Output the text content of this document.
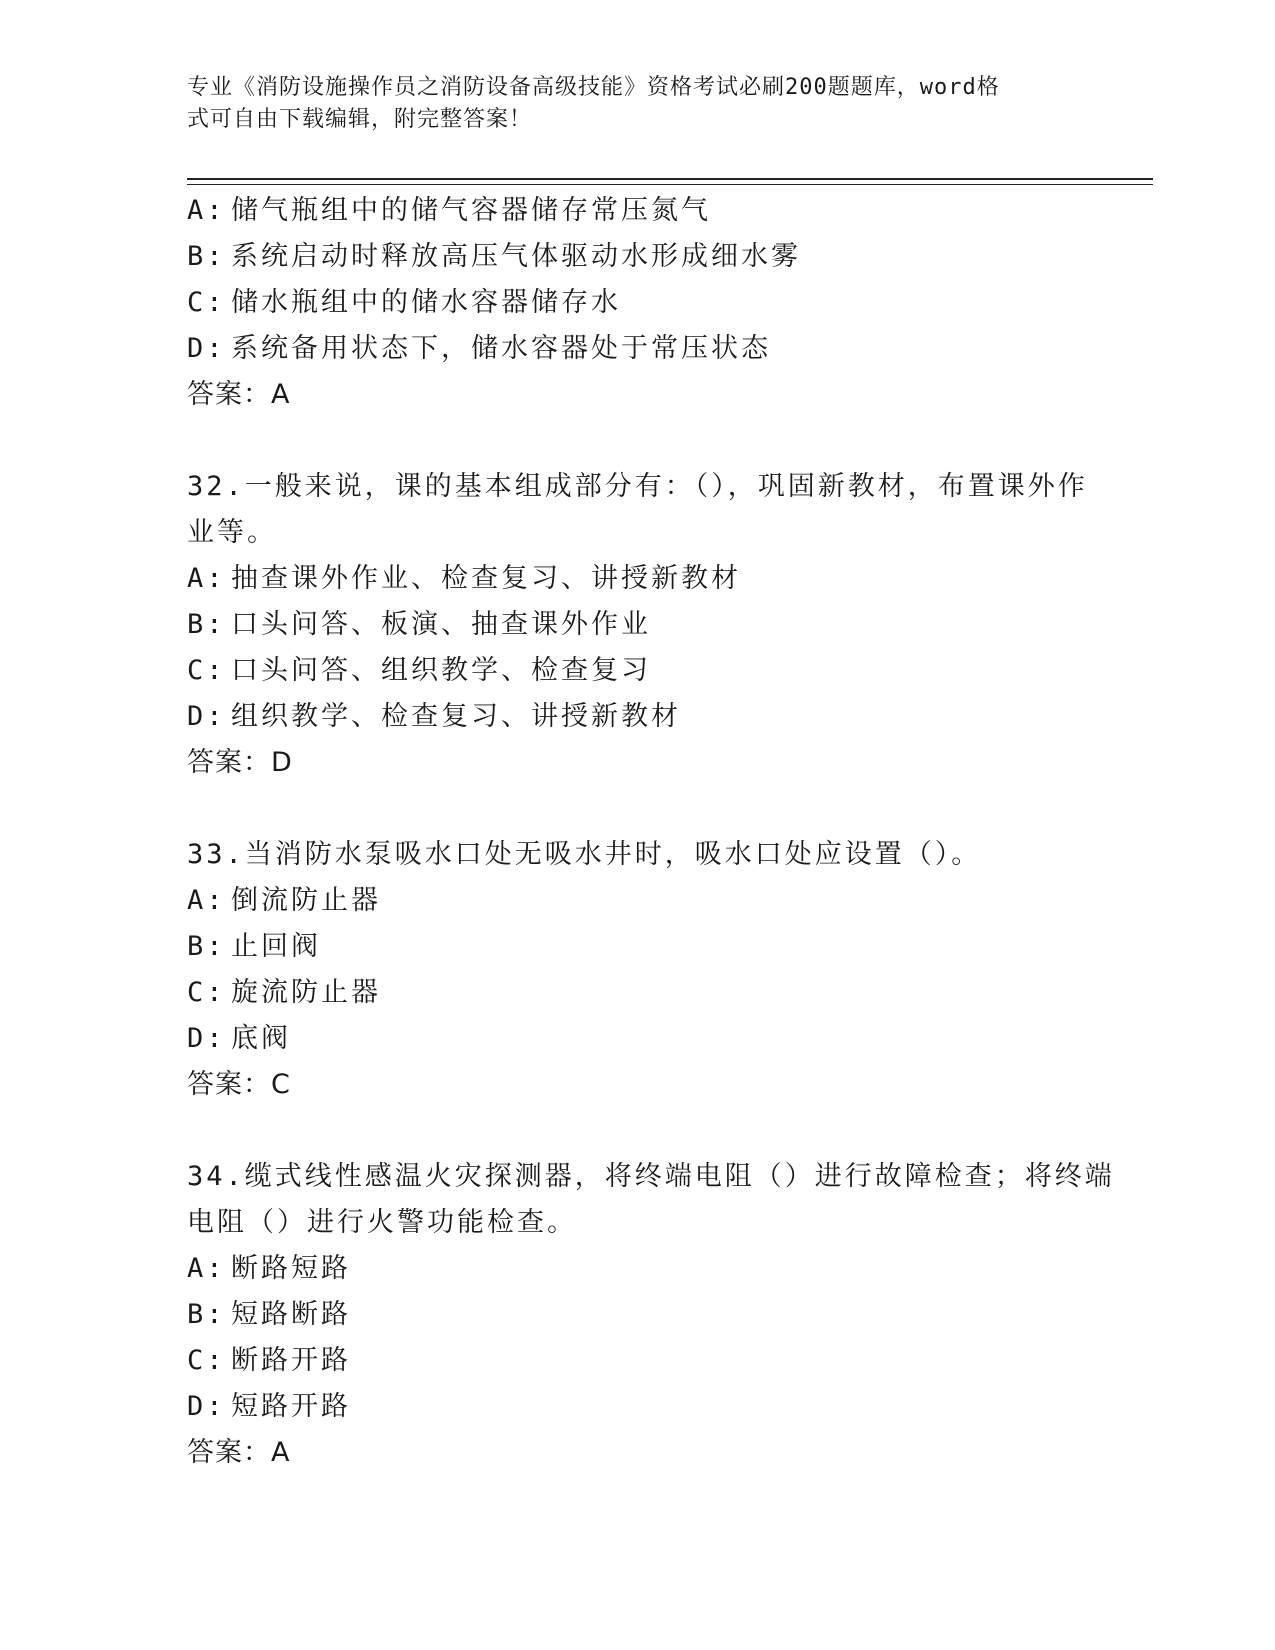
专业《消防设施操作员之消防设备高级技能》资格考试必刷200题题库，word格
式可自由下载编辑，附完整答案！
A: 储气瓶组中的储气容器储存常压氮气
B: 系统启动时释放高压气体驱动水形成细水雾
C: 储水瓶组中的储水容器储存水
D: 系统备用状态下，储水容器处于常压状态
答案：A
32.一般来说，课的基本组成部分有：（），巩固新教材，布置课外作
业等。
A: 抽查课外作业、检查复习、讲授新教材
B: 口头问答、板演、抽查课外作业
C: 口头问答、组织教学、检查复习
D: 组织教学、检查复习、讲授新教材
答案：D
33.当消防水泵吸水口处无吸水井时，吸水口处应设置（）。
A: 倒流防止器
B: 止回阀
C: 旋流防止器
D: 底阀
答案：C
34.缆式线性感温火灾探测器，将终端电阻（）进行故障检查；将终端
电阻（）进行火警功能检查。
A: 断路短路
B: 短路断路
C: 断路开路
D: 短路开路
答案：A
